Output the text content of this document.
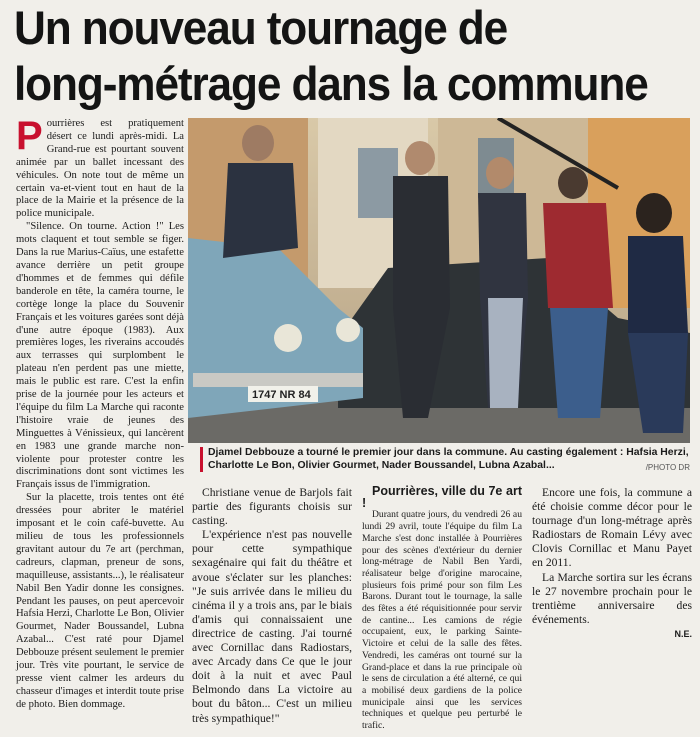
Un nouveau tournage de
long-métrage dans la commune

Pourrières est pratiquement désert ce lundi après-midi. La Grand-rue est pourtant souvent animée par un ballet incessant des véhicules. On note tout de même un certain va-et-vient tout en haut de la place de la Mairie et la présence de la police municipale.

"Silence. On tourne. Action !" Les mots claquent et tout semble se figer. Dans la rue Marius-Caïus, une estafette avance derrière un petit groupe d'hommes et de femmes qui défile banderole en tête, la caméra tourne, le cortège longe la place du Souvenir Français et les voitures garées sont déjà d'une autre époque (1983). Aux premières loges, les riverains accoudés aux terrasses qui surplombent le plateau n'en perdent pas une miette, mais le public est rare. C'est la enfin prise de la journée pour les acteurs et l'équipe du film La Marche qui raconte l'histoire vraie de jeunes des Minguettes à Vénissieux, qui lancèrent en 1983 une grande marche non-violente pour protester contre les discriminations dont sont victimes les Français issus de l'immigration.

Sur la placette, trois tentes ont été dressées pour abriter le matériel imposant et le coin café-buvette. Au milieu de tous les professionnels gravitant autour du 7e art (perchman, cadreurs, clapman, preneur de sons, maquilleuse, assistants...), le réalisateur Nabil Ben Yadir donne les consignes. Pendant les pauses, on peut apercevoir Hafsia Herzi, Charlotte Le Bon, Olivier Gourmet, Nader Boussandel, Lubna Azabal... C'est raté pour Djamel Debbouze présent seulement le premier jour. Très vite pourtant, le service de presse vient calmer les ardeurs du chasseur d'images et interdit toute prise de photo. Bien dommage.

1747 NR 84
Djamel Debbouze a tourné le premier jour dans la commune. Au casting également : Hafsia Herzi, Charlotte Le Bon, Olivier Gourmet, Nader Boussandel, Lubna Azabal...	/PHOTO DR

Christiane venue de Barjols fait partie des figurants choisis sur casting.

L'expérience n'est pas nouvelle pour cette sympathique sexagénaire qui fait du théâtre et avoue s'éclater sur les planches: "Je suis arrivée dans le milieu du cinéma il y a trois ans, par le biais d'amis qui connaissaient une directrice de casting. J'ai tourné avec Cornillac dans Radiostars, avec Arcady dans Ce que le jour doit à la nuit et avec Paul Belmondo dans La victoire au bout du bâton... C'est un milieu très sympathique!"

Pourrières, ville du 7e art !

Durant quatre jours, du vendredi 26 au lundi 29 avril, toute l'équipe du film La Marche s'est donc installée à Pourrières pour des scènes d'extérieur du dernier long-métrage de Nabil Ben Yardi, réalisateur belge d'origine marocaine, plusieurs fois primé pour son film Les Barons. Durant tout le tournage, la salle des fêtes a été réquisitionnée pour servir de cantine... Les camions de régie occupaient, eux, le parking Sainte-Victoire et celui de la salle des fêtes. Vendredi, les caméras ont tourné sur la Grand-place et dans la rue principale où le sens de circulation a été alterné, ce qui a mobilisé deux gardiens de la police municipale ainsi que les services techniques et quelque peu perturbé le trafic.

Encore une fois, la commune a été choisie comme décor pour le tournage d'un long-métrage après Radiostars de Romain Lévy avec Clovis Cornillac et Manu Payet en 2011.

La Marche sortira sur les écrans le 27 novembre prochain pour le trentième anniversaire des événements.

N.E.
